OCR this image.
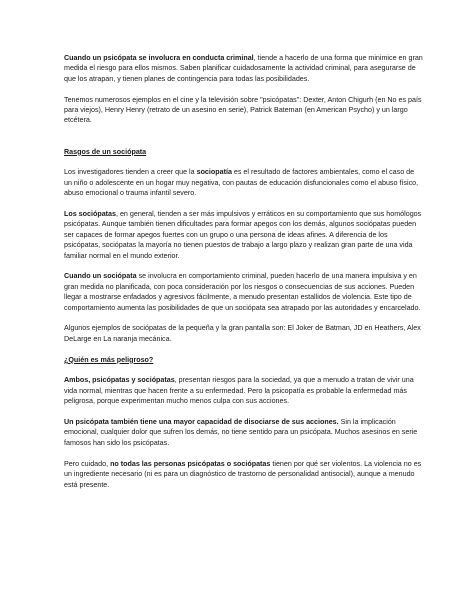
Cuando un psicópata se involucra en conducta criminal, tiende a hacerlo de una forma que minimice en gran medida el riesgo para ellos mismos. Saben planificar cuidadosamente la actividad criminal, para asegurarse de que los atrapan, y tienen planes de contingencia para todas las posibilidades.

Tenemos numerosos ejemplos en el cine y la televisión sobre "psicópatas": Dexter, Anton Chigurh (en No es país para viejos), Henry Henry (retrato de un asesino en serie), Patrick Bateman (en American Psycho) y un largo etcétera.

Rasgos de un sociópata

Los investigadores tienden a creer que la sociopatía es el resultado de factores ambientales, como el caso de un niño o adolescente en un hogar muy negativa, con pautas de educación disfuncionales como el abuso físico, abuso emocional o trauma infantil severo.

Los sociópatas, en general, tienden a ser más impulsivos y erráticos en su comportamiento que sus homólogos psicópatas. Aunque también tienen dificultades para formar apegos con los demás, algunos sociópatas pueden ser capaces de formar apegos fuertes con un grupo o una persona de ideas afines. A diferencia de los psicópatas, sociópatas la mayoría no tienen puestos de trabajo a largo plazo y realizan gran parte de una vida familiar normal en el mundo exterior.

Cuando un sociópata se involucra en comportamiento criminal, pueden hacerlo de una manera impulsiva y en gran medida no planificada, con poca consideración por los riesgos o consecuencias de sus acciones. Pueden llegar a mostrarse enfadados y agresivos fácilmente, a menudo presentan estallidos de violencia. Este tipo de comportamiento aumenta las posibilidades de que un sociópata sea atrapado por las autoridades y encarcelado.

Algunos ejemplos de sociópatas de la pequeña y la gran pantalla son: El Joker de Batman, JD en Heathers, Alex DeLarge en La naranja mecánica.

¿Quién es más peligroso?

Ambos, psicópatas y sociópatas, presentan riesgos para la sociedad, ya que a menudo a tratan de vivir una vida normal, mientras que hacen frente a su enfermedad. Pero la psicopatía es probable la enfermedad más peligrosa, porque experimentan mucho menos culpa con sus acciones.

Un psicópata también tiene una mayor capacidad de disociarse de sus acciones. Sin la implicación emocional, cualquier dolor que sufren los demás, no tiene sentido para un psicópata. Muchos asesinos en serie famosos han sido los psicópatas.

Pero cuidado, no todas las personas psicópatas o sociópatas tienen por qué ser violentos. La violencia no es un ingrediente necesario (ni es para un diagnóstico de trastorno de personalidad antisocial), aunque a menudo está presente.
